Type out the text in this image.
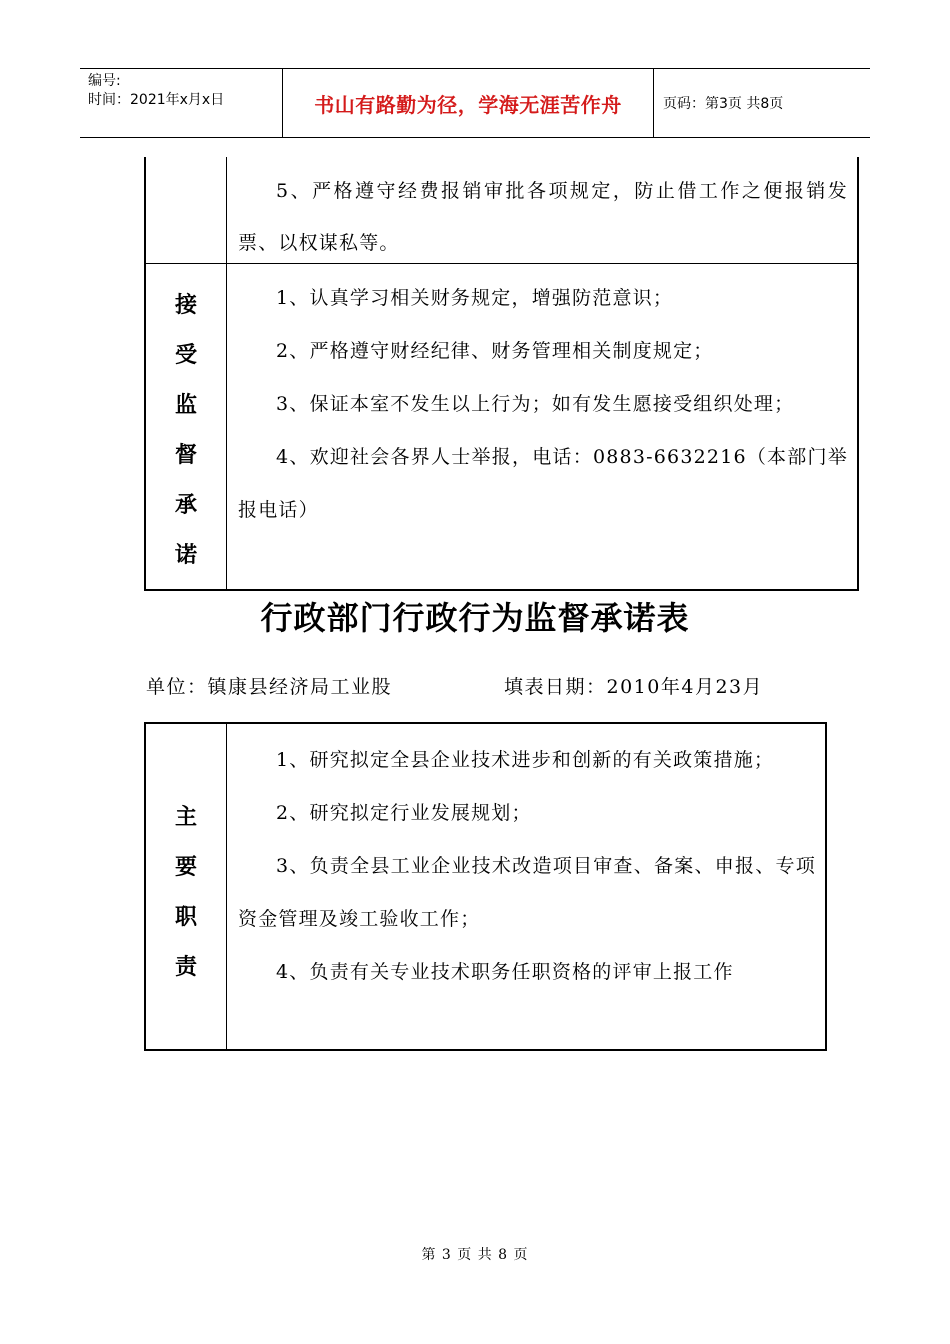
编号:
时间：2021年x月x日	书山有路勤为径，学海无涯苦作舟	页码：第3页 共8页

5、严格遵守经费报销审批各项规定，防止借工作之便报销发票、以权谋私等。

接
受
监
督
承
诺

1、认真学习相关财务规定，增强防范意识；

2、严格遵守财经纪律、财务管理相关制度规定；

3、保证本室不发生以上行为；如有发生愿接受组织处理；

4、欢迎社会各界人士举报，电话：0883-6632216（本部门举报电话）

行政部门行政行为监督承诺表
单位：镇康县经济局工业股	填表日期：2010年4月23月
主
要
职
责

1、研究拟定全县企业技术进步和创新的有关政策措施；

2、研究拟定行业发展规划；

3、负责全县工业企业技术改造项目审查、备案、申报、专项资金管理及竣工验收工作；

4、负责有关专业技术职务任职资格的评审上报工作

第 3 页 共 8 页
